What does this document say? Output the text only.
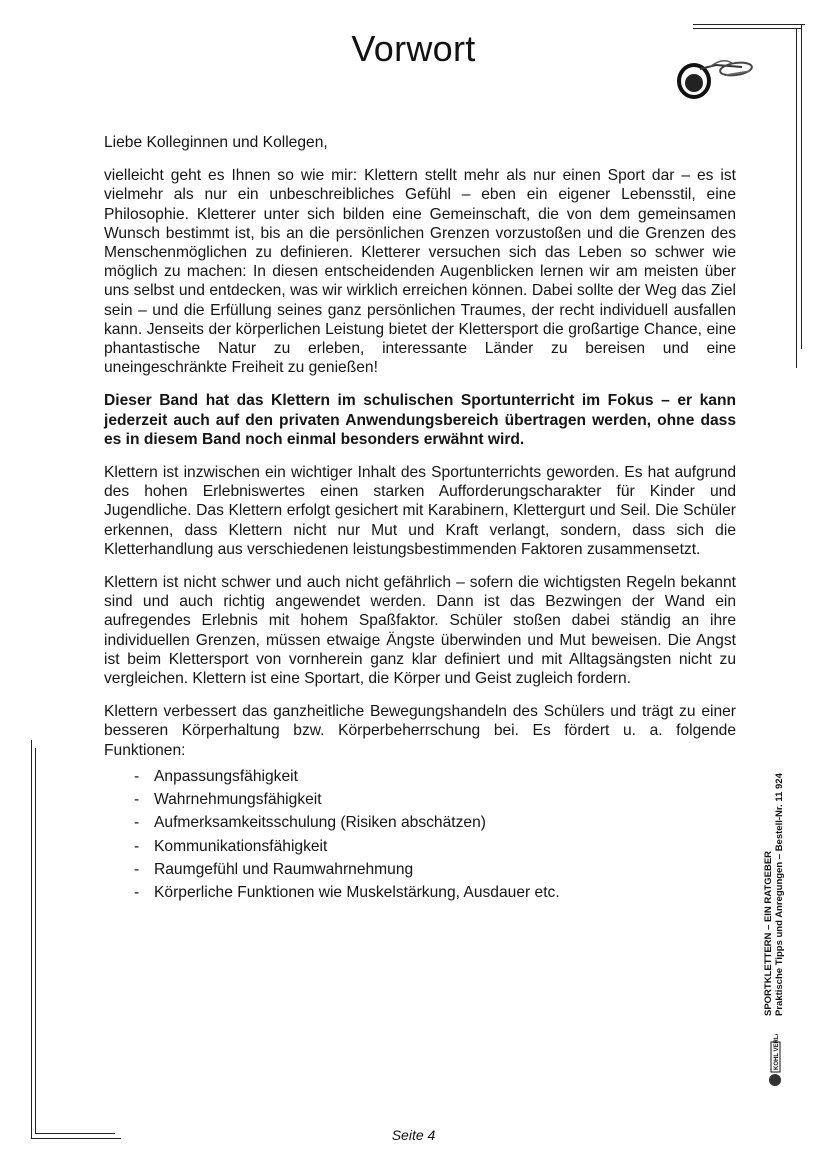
Vorwort

Liebe Kolleginnen und Kollegen,

vielleicht geht es Ihnen so wie mir: Klettern stellt mehr als nur einen Sport dar – es ist vielmehr als nur ein unbeschreibliches Gefühl – eben ein eigener Lebensstil, eine Philosophie. Kletterer unter sich bilden eine Gemeinschaft, die von dem gemeinsamen Wunsch bestimmt ist, bis an die persönlichen Grenzen vorzustoßen und die Grenzen des Menschenmöglichen zu definieren. Kletterer versuchen sich das Leben so schwer wie möglich zu machen: In diesen entscheidenden Augenblicken lernen wir am meisten über uns selbst und entdecken, was wir wirklich erreichen können. Dabei sollte der Weg das Ziel sein – und die Erfüllung seines ganz persönlichen Traumes, der recht individuell ausfallen kann. Jenseits der körperlichen Leistung bietet der Klettersport die großartige Chance, eine phantastische Natur zu erleben, interessante Länder zu bereisen und eine uneingeschränkte Freiheit zu genießen!

Dieser Band hat das Klettern im schulischen Sportunterricht im Fokus – er kann jederzeit auch auf den privaten Anwendungsbereich übertragen werden, ohne dass es in diesem Band noch einmal besonders erwähnt wird.

Klettern ist inzwischen ein wichtiger Inhalt des Sportunterrichts geworden. Es hat aufgrund des hohen Erlebniswertes einen starken Aufforderungscharakter für Kinder und Jugendliche. Das Klettern erfolgt gesichert mit Karabinern, Klettergurt und Seil. Die Schüler erkennen, dass Klettern nicht nur Mut und Kraft verlangt, sondern, dass sich die Kletterhandlung aus verschiedenen leistungsbestimmenden Faktoren zusammensetzt.

Klettern ist nicht schwer und auch nicht gefährlich – sofern die wichtigsten Regeln bekannt sind und auch richtig angewendet werden. Dann ist das Bezwingen der Wand ein aufregendes Erlebnis mit hohem Spaßfaktor. Schüler stoßen dabei ständig an ihre individuellen Grenzen, müssen etwaige Ängste überwinden und Mut beweisen. Die Angst ist beim Klettersport von vornherein ganz klar definiert und mit Alltagsängsten nicht zu vergleichen. Klettern ist eine Sportart, die Körper und Geist zugleich fordern.

Klettern verbessert das ganzheitliche Bewegungshandeln des Schülers und trägt zu einer besseren Körperhaltung bzw. Körperbeherrschung bei. Es fördert u. a. folgende Funktionen:

- Anpassungsfähigkeit
- Wahrnehmungsfähigkeit
- Aufmerksamkeitsschulung (Risiken abschätzen)
- Kommunikationsfähigkeit
- Raumgefühl und Raumwahrnehmung
- Körperliche Funktionen wie Muskelstärkung, Ausdauer etc.	SPORTKLETTERN – EIN RATGEBER Praktische Tipps und Anregungen – Bestell-Nr. 11 924
KOHL VERLAG
Seite 4
